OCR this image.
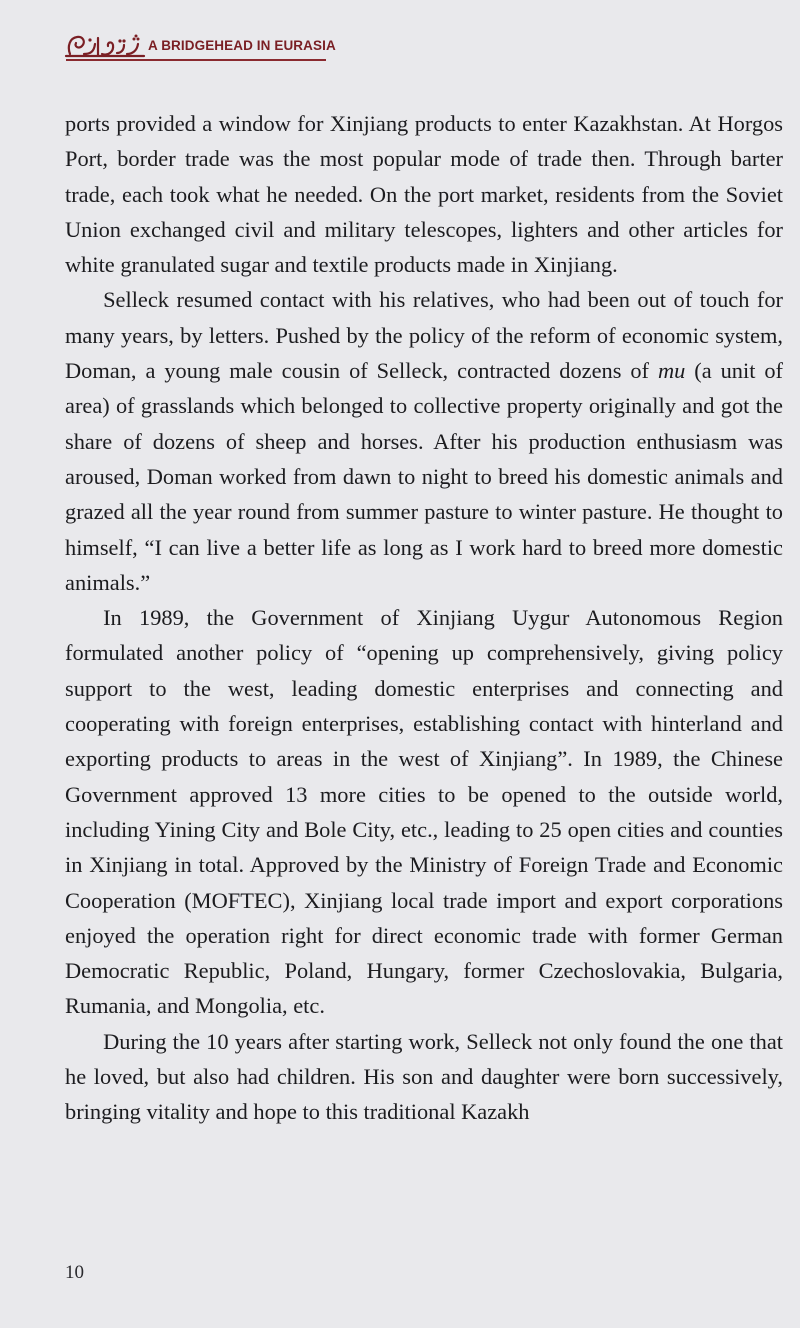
A BRIDGEHEAD IN EURASIA

ports provided a window for Xinjiang products to enter Kazakhstan. At Horgos Port, border trade was the most popular mode of trade then. Through barter trade, each took what he needed. On the port market, residents from the Soviet Union exchanged civil and military telescopes, lighters and other articles for white granulated sugar and textile products made in Xinjiang.

Selleck resumed contact with his relatives, who had been out of touch for many years, by letters. Pushed by the policy of the reform of economic system, Doman, a young male cousin of Selleck, contracted dozens of mu (a unit of area) of grasslands which belonged to collective property originally and got the share of dozens of sheep and horses. After his production enthusiasm was aroused, Doman worked from dawn to night to breed his domestic animals and grazed all the year round from summer pasture to winter pasture. He thought to himself, “I can live a better life as long as I work hard to breed more domestic animals.”

In 1989, the Government of Xinjiang Uygur Autonomous Region formulated another policy of “opening up comprehensively, giving policy support to the west, leading domestic enterprises and connecting and cooperating with foreign enterprises, establishing contact with hinterland and exporting products to areas in the west of Xinjiang”. In 1989, the Chinese Government approved 13 more cities to be opened to the outside world, including Yining City and Bole City, etc., leading to 25 open cities and counties in Xinjiang in total. Approved by the Ministry of Foreign Trade and Economic Cooperation (MOFTEC), Xinjiang local trade import and export corporations enjoyed the operation right for direct economic trade with former German Democratic Republic, Poland, Hungary, former Czechoslovakia, Bulgaria, Rumania, and Mongolia, etc.

During the 10 years after starting work, Selleck not only found the one that he loved, but also had children. His son and daughter were born successively, bringing vitality and hope to this traditional Kazakh

10
